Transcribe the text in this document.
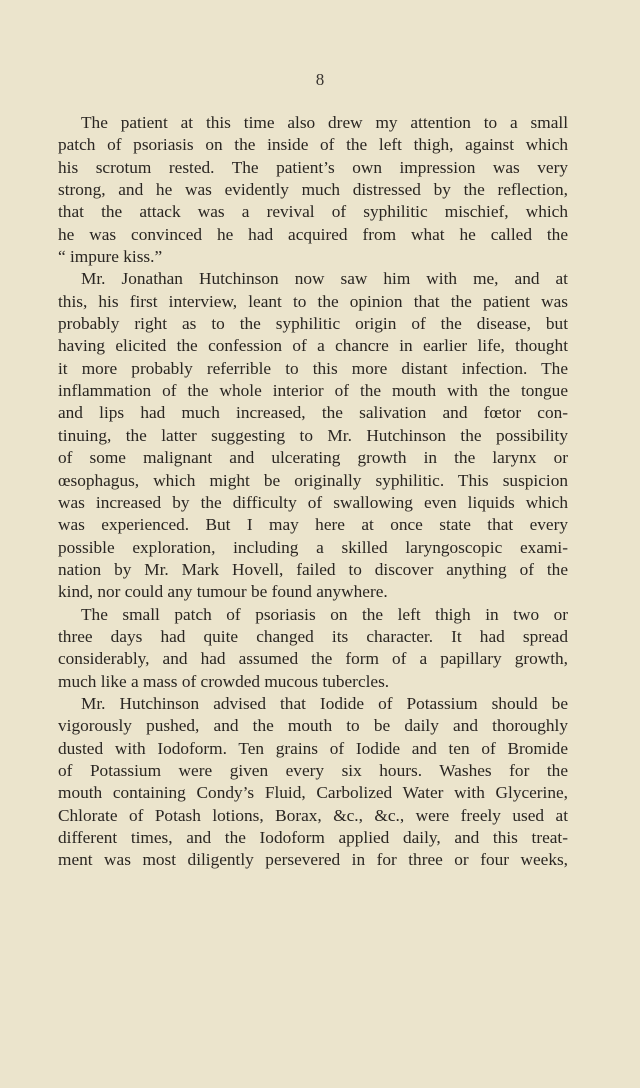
8
The patient at this time also drew my attention to a small
patch of psoriasis on the inside of the left thigh, against which
his scrotum rested. The patient’s own impression was very
strong, and he was evidently much distressed by the reflection,
that the attack was a revival of syphilitic mischief, which
he was convinced he had acquired from what he called the
“ impure kiss.”
Mr. Jonathan Hutchinson now saw him with me, and at
this, his first interview, leant to the opinion that the patient was
probably right as to the syphilitic origin of the disease, but
having elicited the confession of a chancre in earlier life, thought
it more probably referrible to this more distant infection. The
inflammation of the whole interior of the mouth with the tongue
and lips had much increased, the salivation and fœtor con-
tinuing, the latter suggesting to Mr. Hutchinson the possibility
of some malignant and ulcerating growth in the larynx or
œsophagus, which might be originally syphilitic. This suspicion
was increased by the difficulty of swallowing even liquids which
was experienced. But I may here at once state that every
possible exploration, including a skilled laryngoscopic exami-
nation by Mr. Mark Hovell, failed to discover anything of the
kind, nor could any tumour be found anywhere.
The small patch of psoriasis on the left thigh in two or
three days had quite changed its character. It had spread
considerably, and had assumed the form of a papillary growth,
much like a mass of crowded mucous tubercles.
Mr. Hutchinson advised that Iodide of Potassium should be
vigorously pushed, and the mouth to be daily and thoroughly
dusted with Iodoform. Ten grains of Iodide and ten of Bromide
of Potassium were given every six hours. Washes for the
mouth containing Condy’s Fluid, Carbolized Water with Glycerine,
Chlorate of Potash lotions, Borax, &c., &c., were freely used at
different times, and the Iodoform applied daily, and this treat-
ment was most diligently persevered in for three or four weeks,
